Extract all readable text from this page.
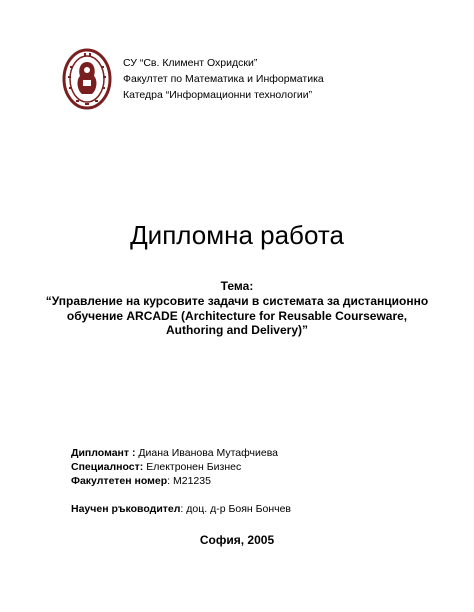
СУ “Св. Климент Охридски”
Факултет по Математика и Информатика
Катедра “Информационни технологии”
Дипломна работа
Тема:
“Управление на курсовите задачи в системата за дистанционно обучение ARCADE (Architecture for Reusable Courseware, Authoring and Delivery)”
Дипломант : Диана Иванова Мутафчиева
Специалност: Електронен Бизнес
Факултетен номер: М21235
Научен ръководител: доц. д-р Боян Бончев
София, 2005
